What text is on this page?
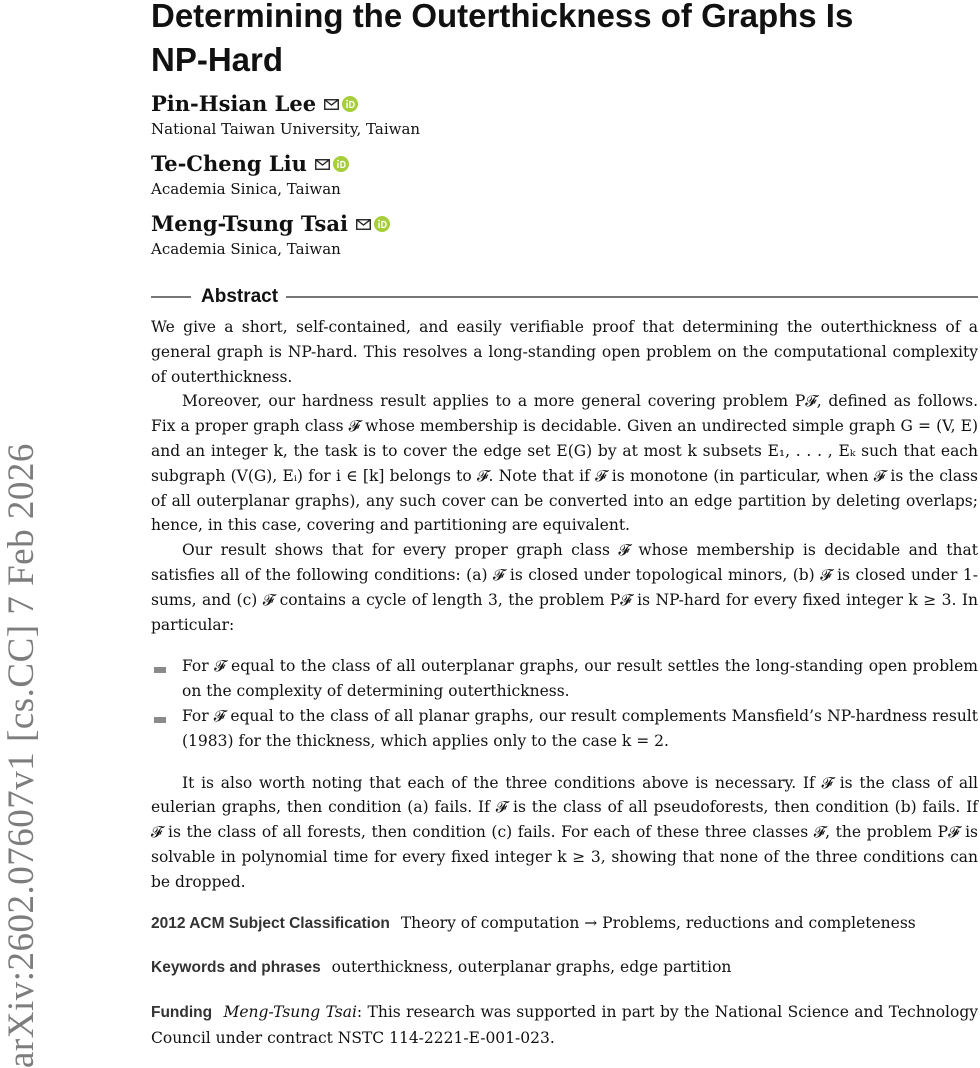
arXiv:2602.07607v1 [cs.CC] 7 Feb 2026
Determining the Outerthickness of Graphs Is NP-Hard
Pin-Hsian Lee
National Taiwan University, Taiwan
Te-Cheng Liu
Academia Sinica, Taiwan
Meng-Tsung Tsai
Academia Sinica, Taiwan
Abstract

We give a short, self-contained, and easily verifiable proof that determining the outerthickness of a general graph is NP-hard. This resolves a long-standing open problem on the computational complexity of outerthickness.

Moreover, our hardness result applies to a more general covering problem P𝓕, defined as follows. Fix a proper graph class 𝓕 whose membership is decidable. Given an undirected simple graph G = (V, E) and an integer k, the task is to cover the edge set E(G) by at most k subsets E₁, . . . , Eₖ such that each subgraph (V(G), Eᵢ) for i ∈ [k] belongs to 𝓕. Note that if 𝓕 is monotone (in particular, when 𝓕 is the class of all outerplanar graphs), any such cover can be converted into an edge partition by deleting overlaps; hence, in this case, covering and partitioning are equivalent.

Our result shows that for every proper graph class 𝓕 whose membership is decidable and that satisfies all of the following conditions: (a) 𝓕 is closed under topological minors, (b) 𝓕 is closed under 1-sums, and (c) 𝓕 contains a cycle of length 3, the problem P𝓕 is NP-hard for every fixed integer k ≥ 3. In particular:

For 𝓕 equal to the class of all outerplanar graphs, our result settles the long-standing open problem on the complexity of determining outerthickness.
For 𝓕 equal to the class of all planar graphs, our result complements Mansfield’s NP-hardness result (1983) for the thickness, which applies only to the case k = 2.

It is also worth noting that each of the three conditions above is necessary. If 𝓕 is the class of all eulerian graphs, then condition (a) fails. If 𝓕 is the class of all pseudoforests, then condition (b) fails. If 𝓕 is the class of all forests, then condition (c) fails. For each of these three classes 𝓕, the problem P𝓕 is solvable in polynomial time for every fixed integer k ≥ 3, showing that none of the three conditions can be dropped.

2012 ACM Subject Classification Theory of computation → Problems, reductions and completeness
Keywords and phrases outerthickness, outerplanar graphs, edge partition
Funding Meng-Tsung Tsai: This research was supported in part by the National Science and Technology Council under contract NSTC 114-2221-E-001-023.
